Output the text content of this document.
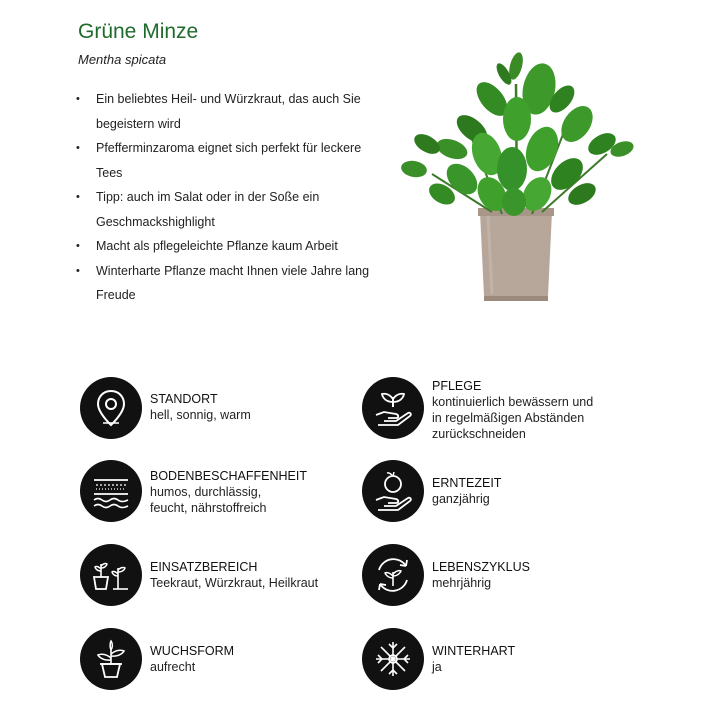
Grüne Minze
Mentha spicata
• Ein beliebtes Heil- und Würzkraut, das auch Sie begeistern wird
• Pfefferminzaroma eignet sich perfekt für leckere Tees
• Tipp: auch im Salat oder in der Soße ein Geschmackshighlight
• Macht als pflegeleichte Pflanze kaum Arbeit
• Winterharte Pflanze macht Ihnen viele Jahre lang Freude
STANDORT
hell, sonnig, warm
PFLEGE
kontinuierlich bewässern und
in regelmäßigen Abständen
zurückschneiden
BODENBESCHAFFENHEIT
humos, durchlässig,
feucht, nährstoffreich
ERNTEZEIT
ganzjährig
EINSATZBEREICH
Teekraut, Würzkraut, Heilkraut
LEBENSZYKLUS
mehrjährig
WUCHSFORM
aufrecht
WINTERHART
ja
